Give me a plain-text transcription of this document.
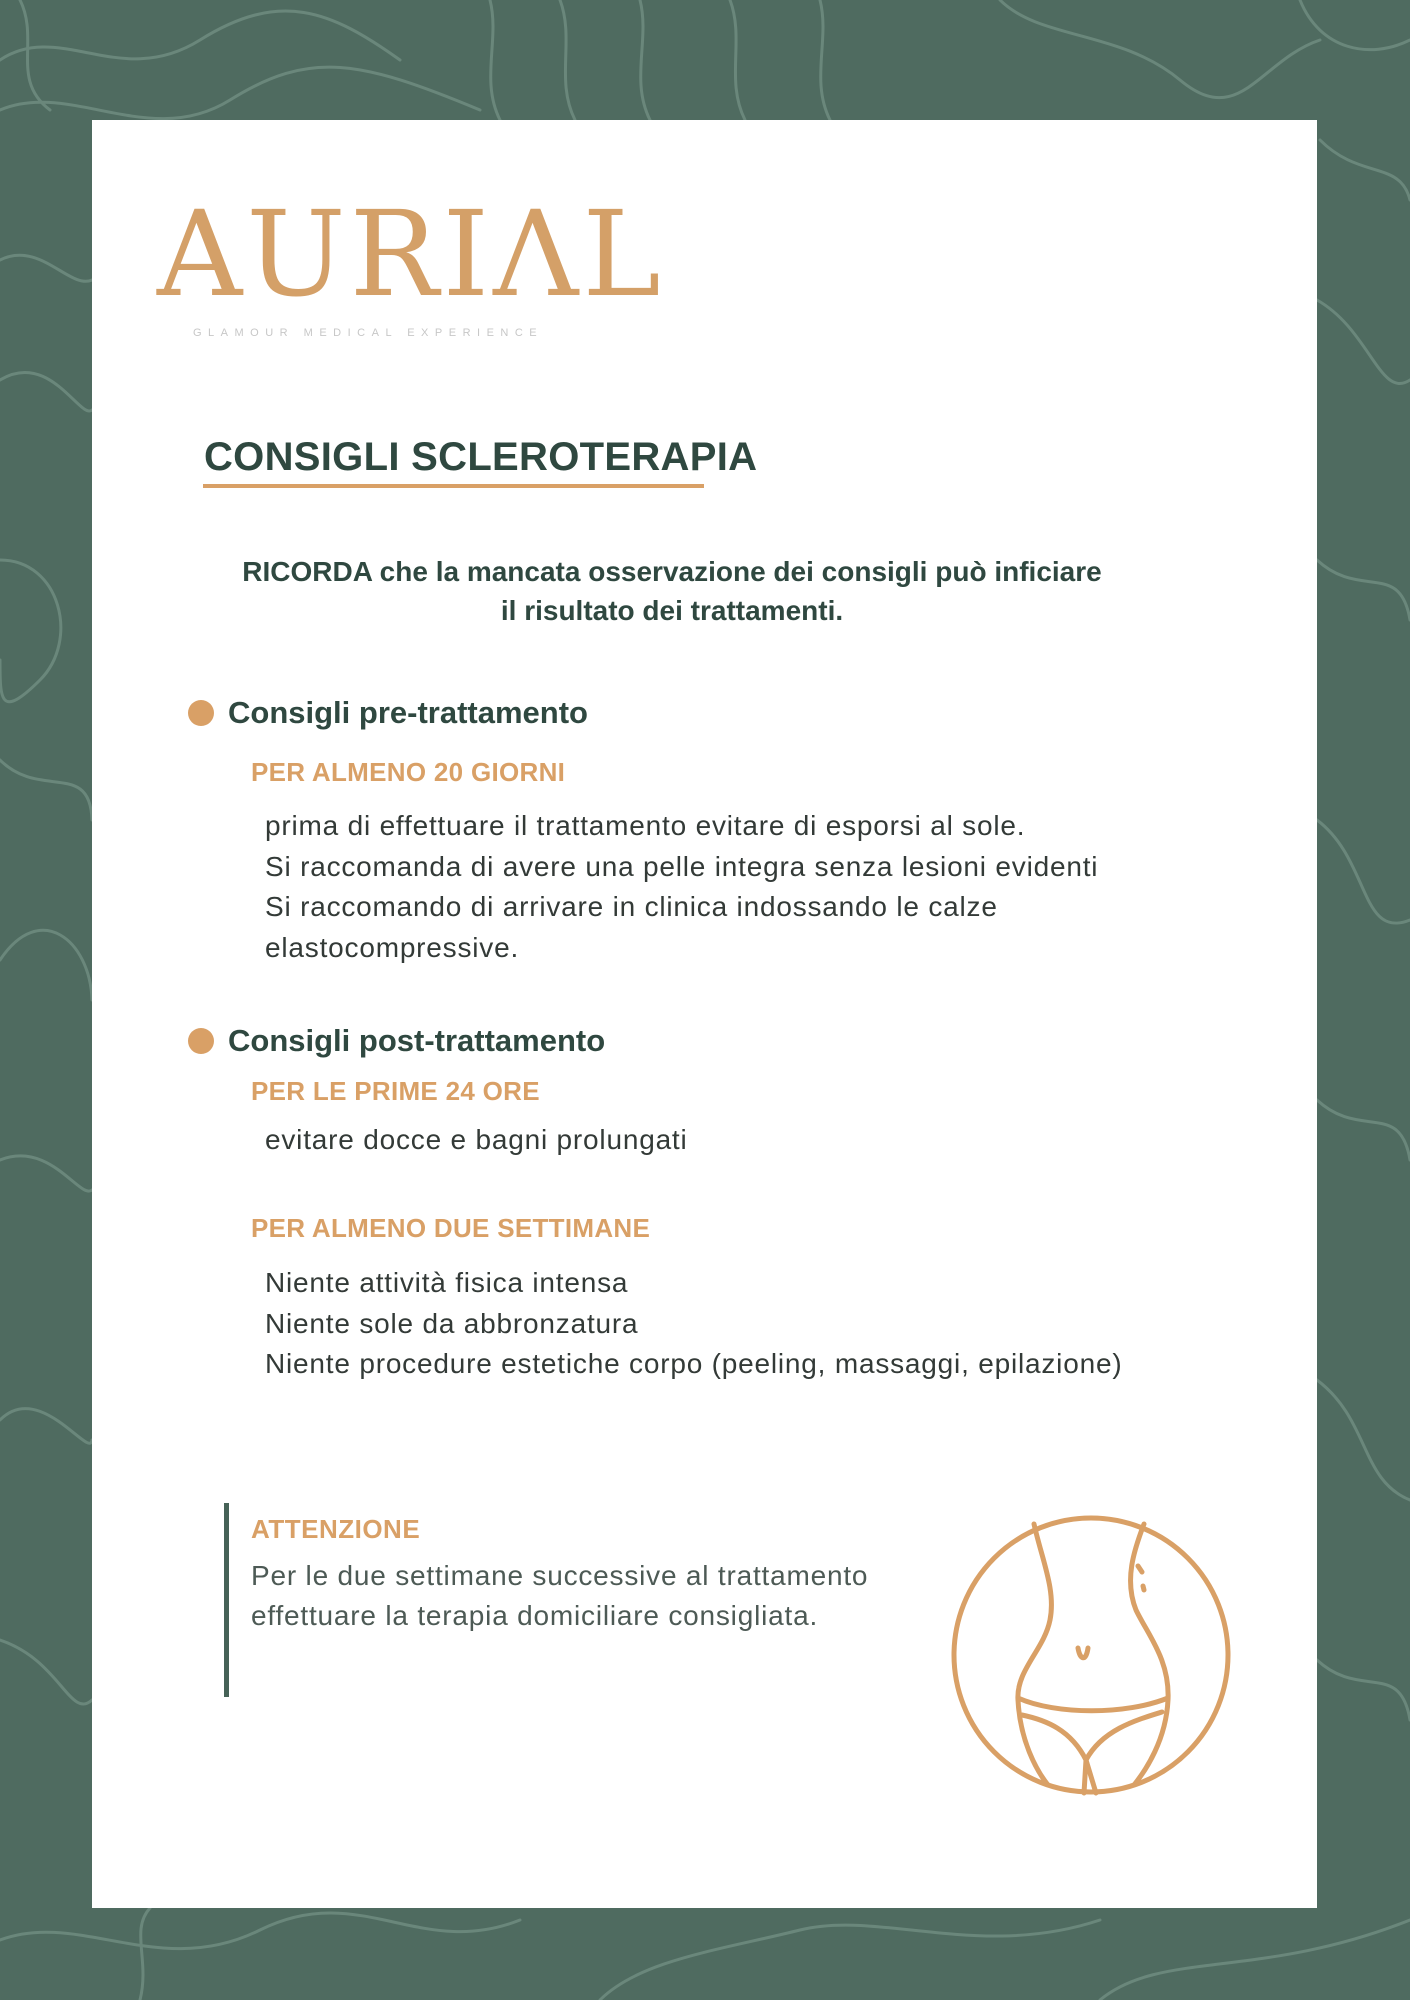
AURIΛL
GLAMOUR MEDICAL EXPERIENCE
CONSIGLI SCLEROTERAPIA

RICORDA che la mancata osservazione dei consigli può inficiare il risultato dei trattamenti.

Consigli pre-trattamento
PER ALMENO 20 GIORNI
prima di effettuare il trattamento evitare di esporsi al sole.
Si raccomanda di avere una pelle integra senza lesioni evidenti
Si raccomando di arrivare in clinica indossando le calze
elastocompressive.
Consigli post-trattamento
PER LE PRIME 24 ORE
evitare docce e bagni prolungati
PER ALMENO DUE SETTIMANE
Niente attività fisica intensa
Niente sole da abbronzatura
Niente procedure estetiche corpo (peeling, massaggi, epilazione)
ATTENZIONE

Per le due settimane successive al trattamento effettuare la terapia domiciliare consigliata.
